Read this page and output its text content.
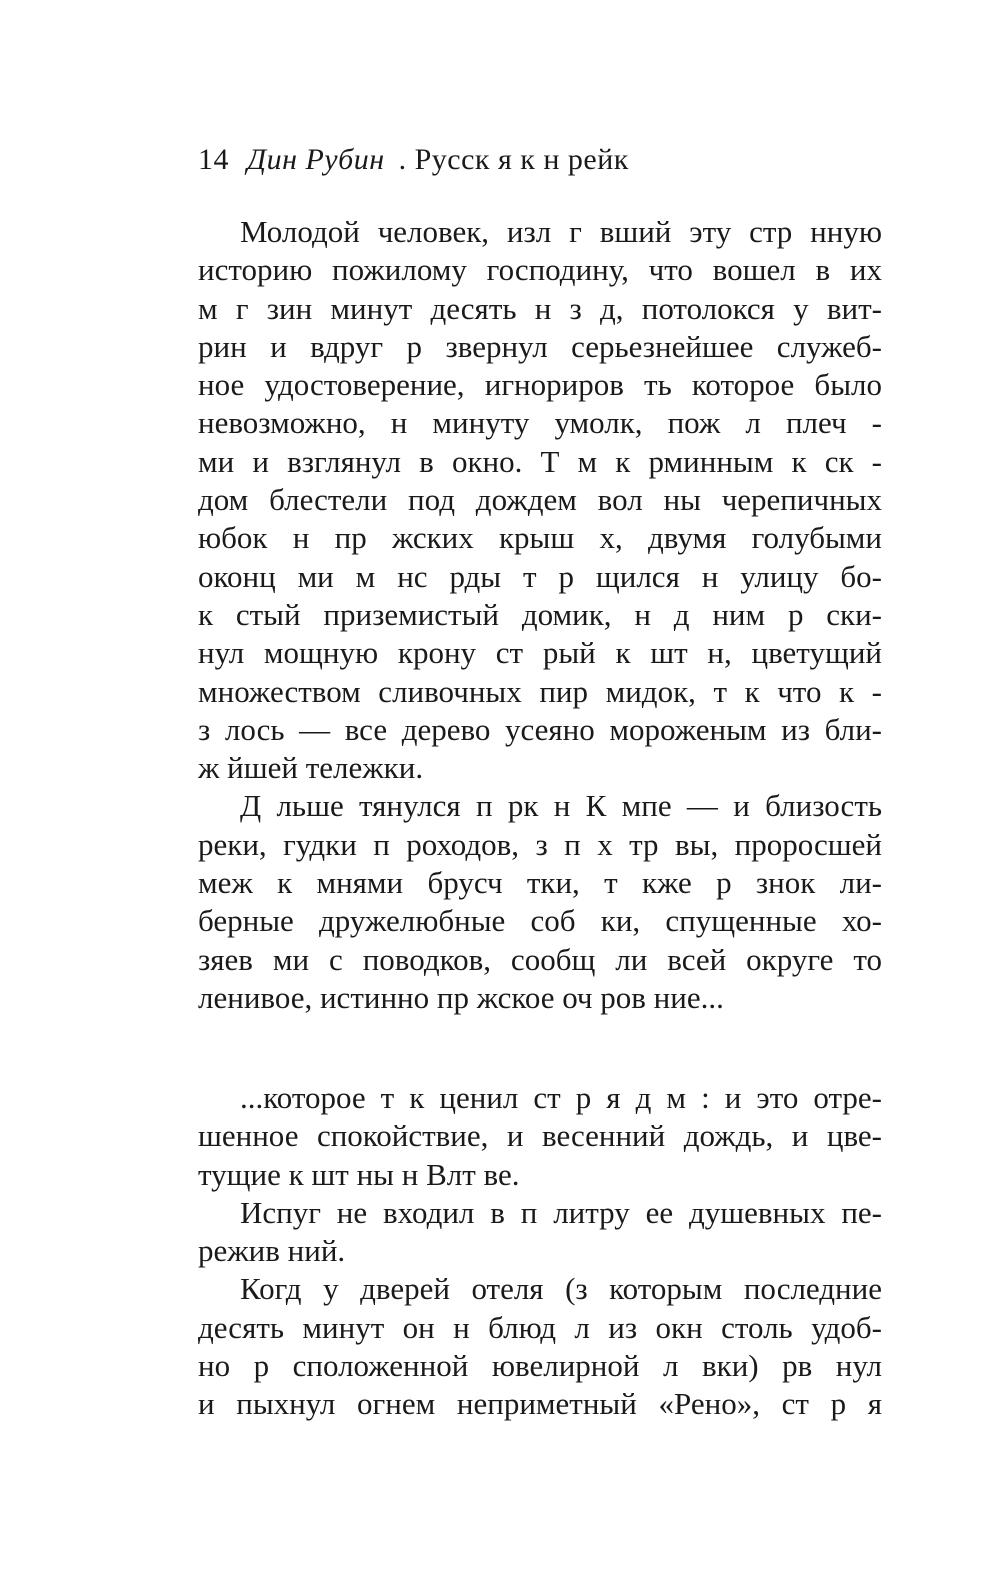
14 Дин Рубин . Русск я к н рейк
Молодой человек, изл г вший эту стр нную
историю пожилому господину, что вошел в их
м г зин минут десять н з д, потолокся у вит-
рин и вдруг р звернул серьезнейшее служеб-
ное удостоверение, игнориров ть которое было
невозможно, н минуту умолк, пож л плеч -
ми и взглянул в окно. Т м к рминным к ск -
дом блестели под дождем вол ны черепичных
юбок н пр жских крыш х, двумя голубыми
оконц ми м нс рды т р щился н улицу бо-
к стый приземистый домик, н д ним р ски-
нул мощную крону ст рый к шт н, цветущий
множеством сливочных пир мидок, т к что к -
з лось — все дерево усеяно мороженым из бли-
ж йшей тележки.
Д льше тянулся п рк н К мпе — и близость
реки, гудки п роходов, з п х тр вы, проросшей
меж к мнями брусч тки, т кже р знок ли-
берные дружелюбные соб ки, спущенные хо-
зяев ми с поводков, сообщ ли всей округе то
ленивое, истинно пр жское оч ров ние...
...которое т к ценил ст р я д м : и это отре-
шенное спокойствие, и весенний дождь, и цве-
тущие к шт ны н Влт ве.
Испуг не входил в п литру ее душевных пе-
режив ний.
Когд у дверей отеля (з которым последние
десять минут он н блюд л из окн столь удоб-
но р сположенной ювелирной л вки) рв нул
и пыхнул огнем неприметный «Рено», ст р я
